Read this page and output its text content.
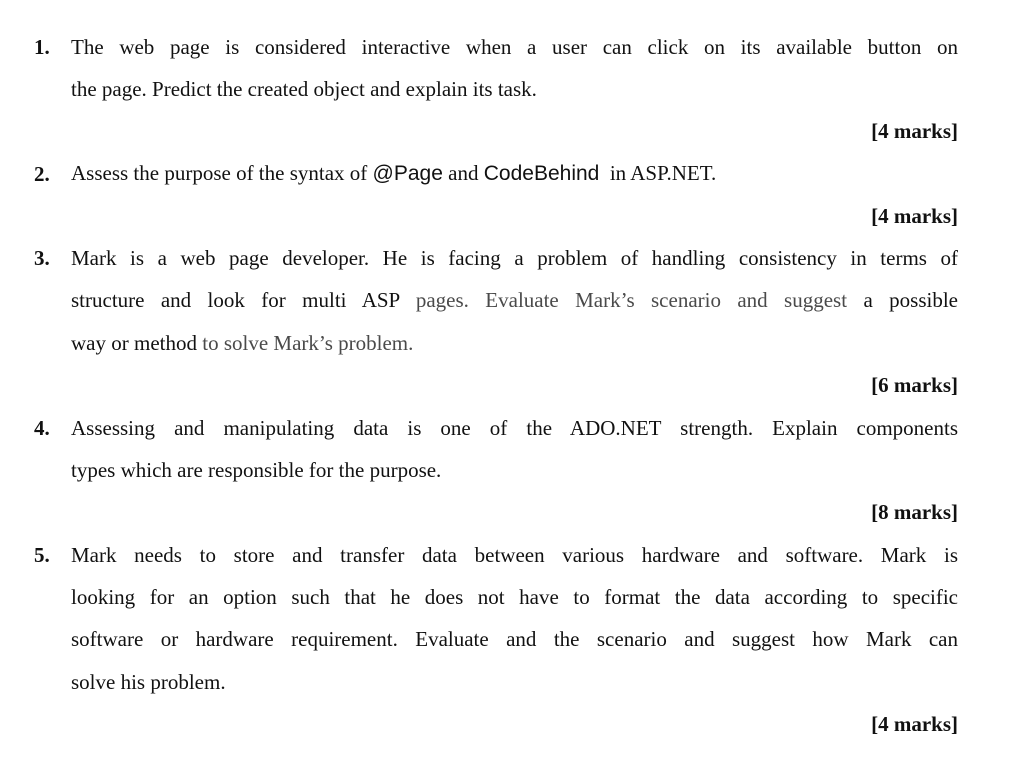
1. The web page is considered interactive when a user can click on its available button on
the page. Predict the created object and explain its task.
[4 marks]
2. Assess the purpose of the syntax of @Page and CodeBehind in ASP.NET.
[4 marks]
3. Mark is a web page developer. He is facing a problem of handling consistency in terms of
structure and look for multi ASP pages. Evaluate Mark’s scenario and suggest a possible
way or method to solve Mark’s problem.
[6 marks]
4. Assessing and manipulating data is one of the ADO.NET strength. Explain components
types which are responsible for the purpose.
[8 marks]
5. Mark needs to store and transfer data between various hardware and software. Mark is
looking for an option such that he does not have to format the data according to specific
software or hardware requirement. Evaluate and the scenario and suggest how Mark can
solve his problem.
[4 marks]
